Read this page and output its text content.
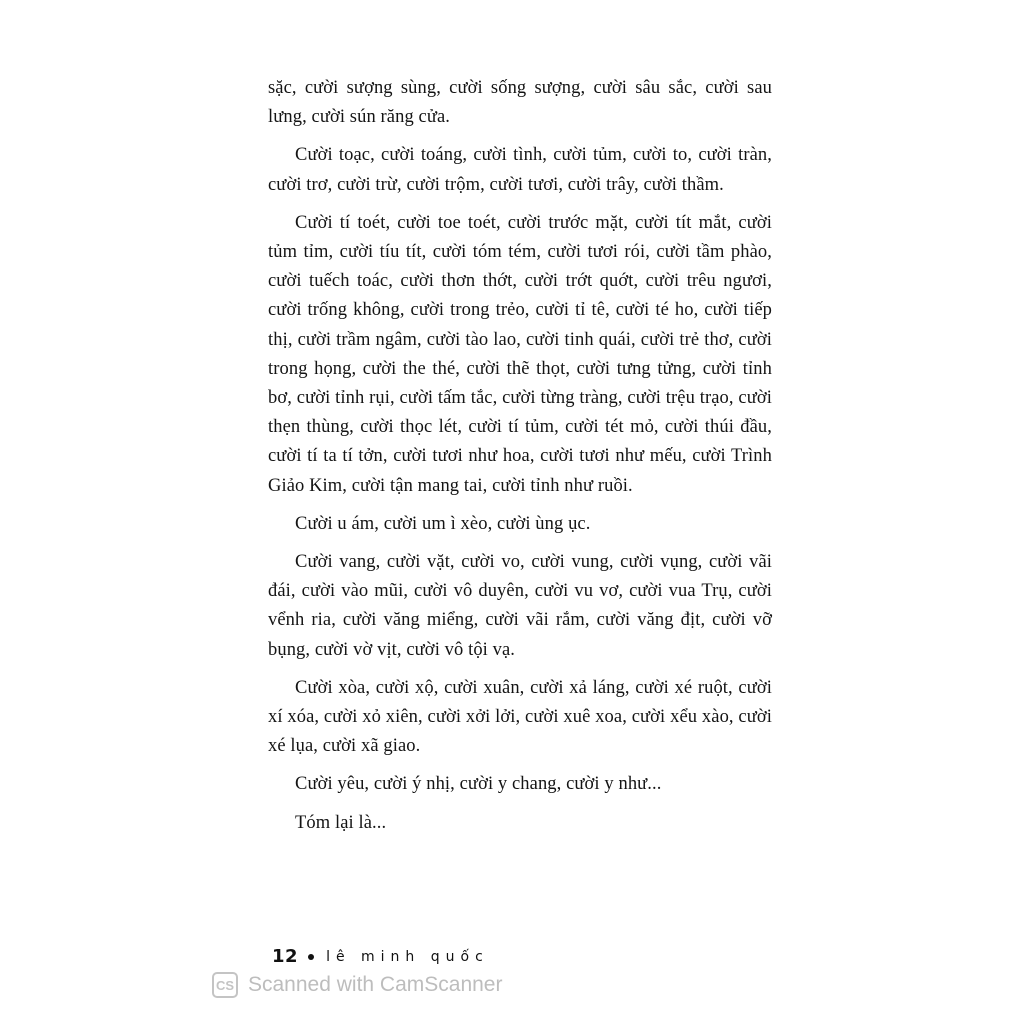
sặc, cười sượng sùng, cười sống sượng, cười sâu sắc, cười sau lưng, cười sún răng cửa.

Cười toạc, cười toáng, cười tình, cười tủm, cười to, cười tràn, cười trơ, cười trừ, cười trộm, cười tươi, cười trây, cười thầm.

Cười tí toét, cười toe toét, cười trước mặt, cười tít mắt, cười tủm tỉm, cười tíu tít, cười tóm tém, cười tươi rói, cười tầm phào, cười tuếch toác, cười thơn thớt, cười trớt quớt, cười trêu ngươi, cười trống không, cười trong trẻo, cười tỉ tê, cười té ho, cười tiếp thị, cười trầm ngâm, cười tào lao, cười tinh quái, cười trẻ thơ, cười trong họng, cười the thé, cười thẽ thọt, cười tưng tửng, cười tỉnh bơ, cười tỉnh rụi, cười tấm tắc, cười từng tràng, cười trệu trạo, cười thẹn thùng, cười thọc lét, cười tí tủm, cười tét mỏ, cười thúi đầu, cười tí ta tí tởn, cười tươi như hoa, cười tươi như mếu, cười Trình Giảo Kim, cười tận mang tai, cười tỉnh như ruồi.

Cười u ám, cười um ì xèo, cười ùng ục.

Cười vang, cười vặt, cười vo, cười vung, cười vụng, cười vãi đái, cười vào mũi, cười vô duyên, cười vu vơ, cười vua Trụ, cười vểnh ria, cười văng miểng, cười vãi rắm, cười văng địt, cười vỡ bụng, cười vờ vịt, cười vô tội vạ.

Cười xòa, cười xộ, cười xuân, cười xả láng, cười xé ruột, cười xí xóa, cười xỏ xiên, cười xởi lởi, cười xuê xoa, cười xểu xào, cười xé lụa, cười xã giao.

Cười yêu, cười ý nhị, cười y chang, cười y như...

Tóm lại là...

12 lê minh quốc
CS Scanned with CamScanner
